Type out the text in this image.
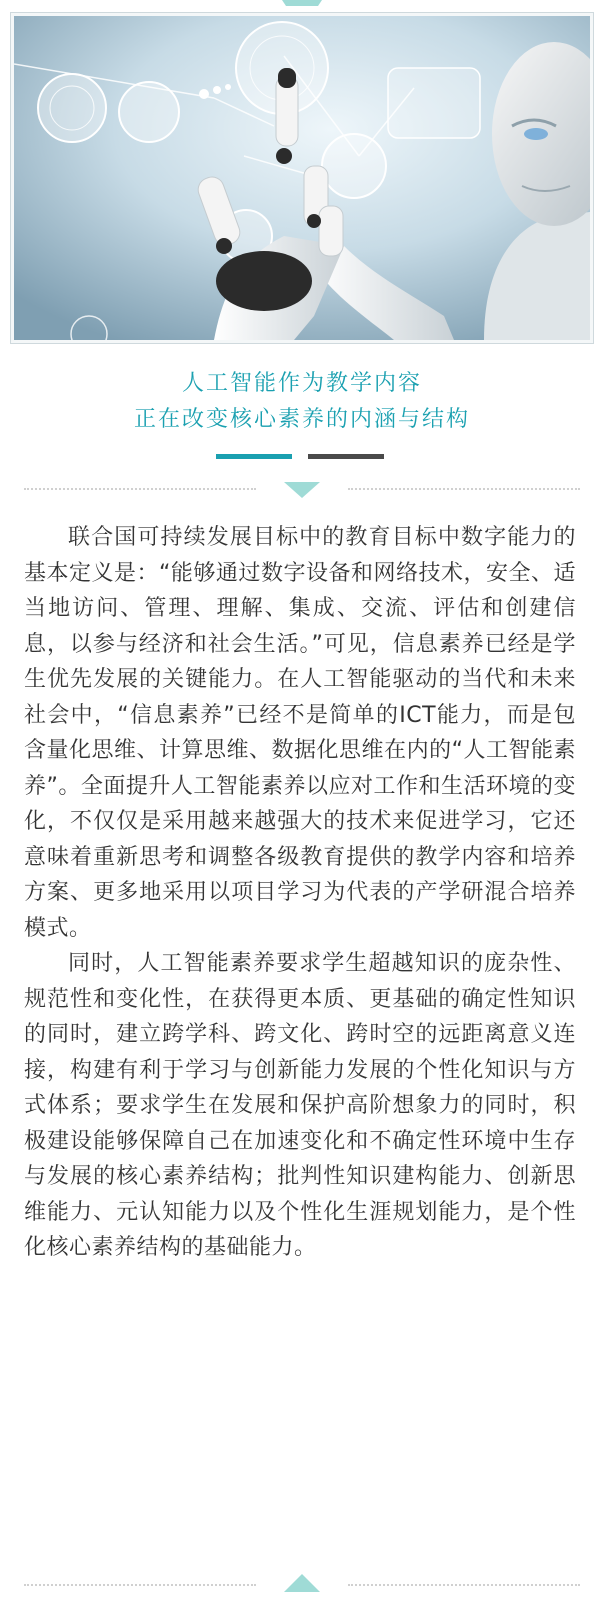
人工智能作为教学内容
正在改变核心素养的内涵与结构

联合国可持续发展目标中的教育目标中数字能力的基本定义是：“能够通过数字设备和网络技术，安全、适当地访问、管理、理解、集成、交流、评估和创建信息，以参与经济和社会生活。”可见，信息素养已经是学生优先发展的关键能力。在人工智能驱动的当代和未来社会中，“信息素养”已经不是简单的ICT能力，而是包含量化思维、计算思维、数据化思维在内的“人工智能素养”。全面提升人工智能素养以应对工作和生活环境的变化，不仅仅是采用越来越强大的技术来促进学习，它还意味着重新思考和调整各级教育提供的教学内容和培养方案、更多地采用以项目学习为代表的产学研混合培养模式。

同时，人工智能素养要求学生超越知识的庞杂性、规范性和变化性，在获得更本质、更基础的确定性知识的同时，建立跨学科、跨文化、跨时空的远距离意义连接，构建有利于学习与创新能力发展的个性化知识与方式体系；要求学生在发展和保护高阶想象力的同时，积极建设能够保障自己在加速变化和不确定性环境中生存与发展的核心素养结构；批判性知识建构能力、创新思维能力、元认知能力以及个性化生涯规划能力，是个性化核心素养结构的基础能力。
